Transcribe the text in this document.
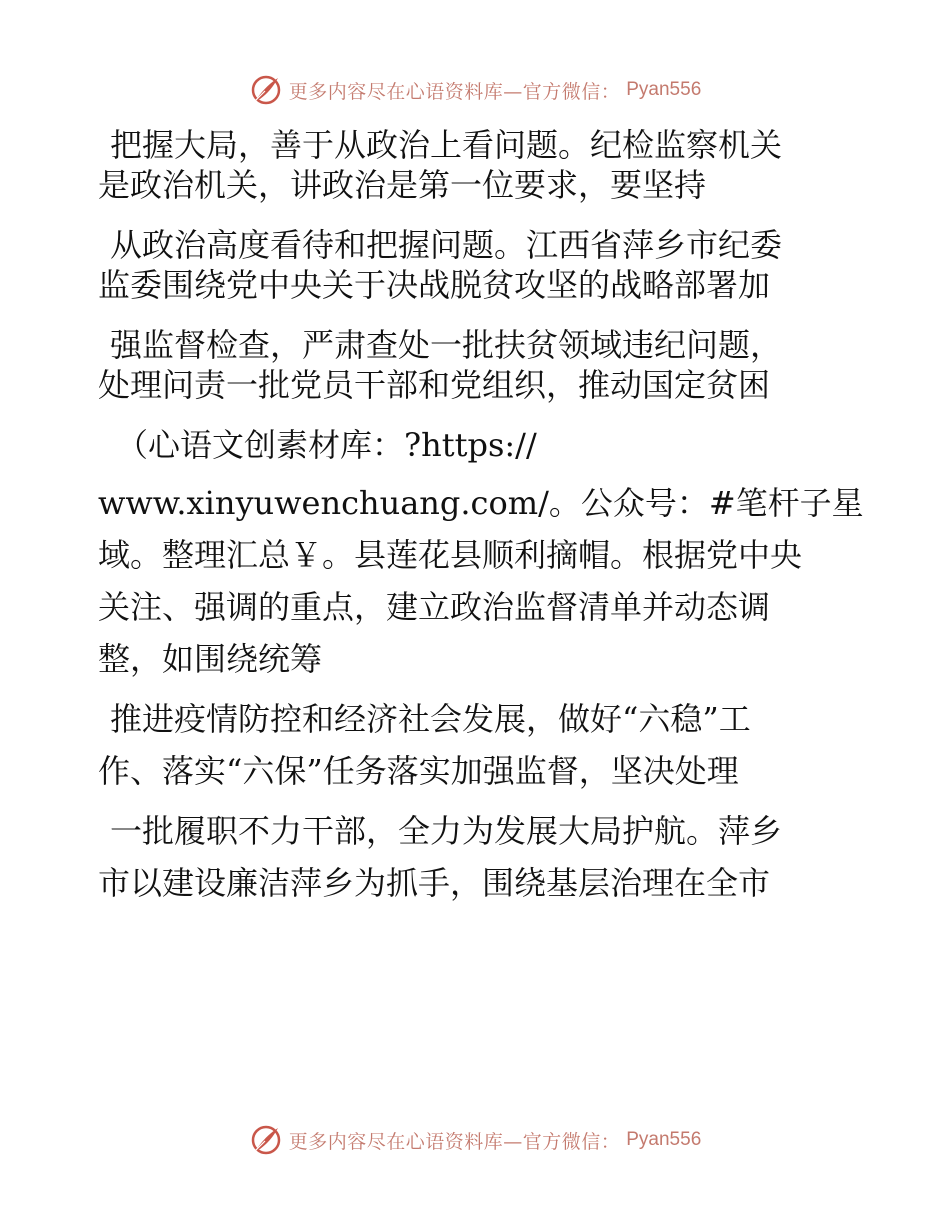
更多内容尽在心语资料库—官方微信： Pyan556
把握大局，善于从政治上看问题。纪检监察机关
是政治机关，讲政治是第一位要求，要坚持
从政治高度看待和把握问题。江西省萍乡市纪委
监委围绕党中央关于决战脱贫攻坚的战略部署加
强监督检查，严肃查处一批扶贫领域违纪问题，
处理问责一批党员干部和党组织，推动国定贫困
（心语文创素材库：?https://
www.xinyuwenchuang.com/。公众号：#笔杆子星
域。整理汇总￥。县莲花县顺利摘帽。根据党中央
关注、强调的重点，建立政治监督清单并动态调
整，如围绕统筹
推进疫情防控和经济社会发展，做好“六稳”工
作、落实“六保”任务落实加强监督，坚决处理
一批履职不力干部，全力为发展大局护航。萍乡
市以建设廉洁萍乡为抓手，围绕基层治理在全市
更多内容尽在心语资料库—官方微信： Pyan556
